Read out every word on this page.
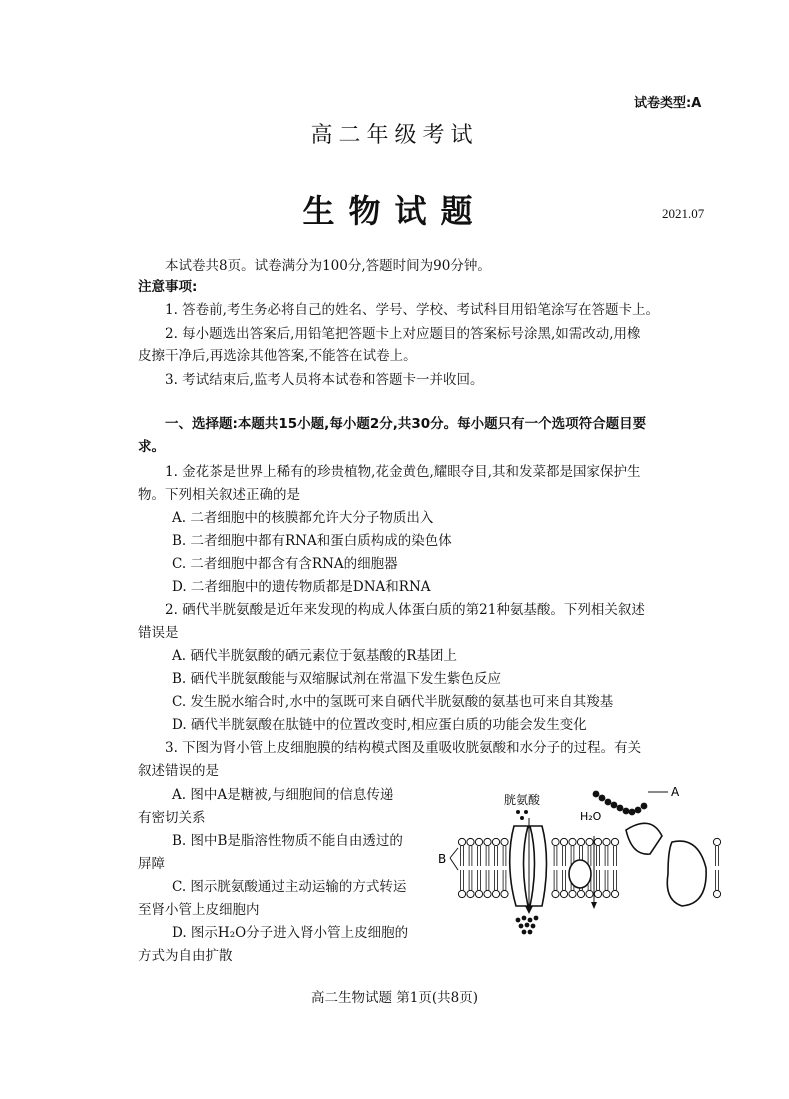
试卷类型:A
高二年级考试
生物试题	2021.07
本试卷共8页。试卷满分为100分,答题时间为90分钟。
注意事项:
1. 答卷前,考生务必将自己的姓名、学号、学校、考试科目用铅笔涂写在答题卡上。
2. 每小题选出答案后,用铅笔把答题卡上对应题目的答案标号涂黑,如需改动,用橡
皮擦干净后,再选涂其他答案,不能答在试卷上。
3. 考试结束后,监考人员将本试卷和答题卡一并收回。
一、选择题:本题共15小题,每小题2分,共30分。每小题只有一个选项符合题目要
求。
1. 金花茶是世界上稀有的珍贵植物,花金黄色,耀眼夺目,其和发菜都是国家保护生
物。下列相关叙述正确的是
A. 二者细胞中的核膜都允许大分子物质出入
B. 二者细胞中都有RNA和蛋白质构成的染色体
C. 二者细胞中都含有含RNA的细胞器
D. 二者细胞中的遗传物质都是DNA和RNA
2. 硒代半胱氨酸是近年来发现的构成人体蛋白质的第21种氨基酸。下列相关叙述
错误是
A. 硒代半胱氨酸的硒元素位于氨基酸的R基团上
B. 硒代半胱氨酸能与双缩脲试剂在常温下发生紫色反应
C. 发生脱水缩合时,水中的氢既可来自硒代半胱氨酸的氨基也可来自其羧基
D. 硒代半胱氨酸在肽链中的位置改变时,相应蛋白质的功能会发生变化
3. 下图为肾小管上皮细胞膜的结构模式图及重吸收胱氨酸和水分子的过程。有关
叙述错误的是
A. 图中A是糖被,与细胞间的信息传递
有密切关系
B. 图中B是脂溶性物质不能自由透过的
屏障
C. 图示胱氨酸通过主动运输的方式转运
至肾小管上皮细胞内
D. 图示H₂O分子进入肾小管上皮细胞的
方式为自由扩散
胱氨酸
H₂O
A
B
高二生物试题 第1页(共8页)
